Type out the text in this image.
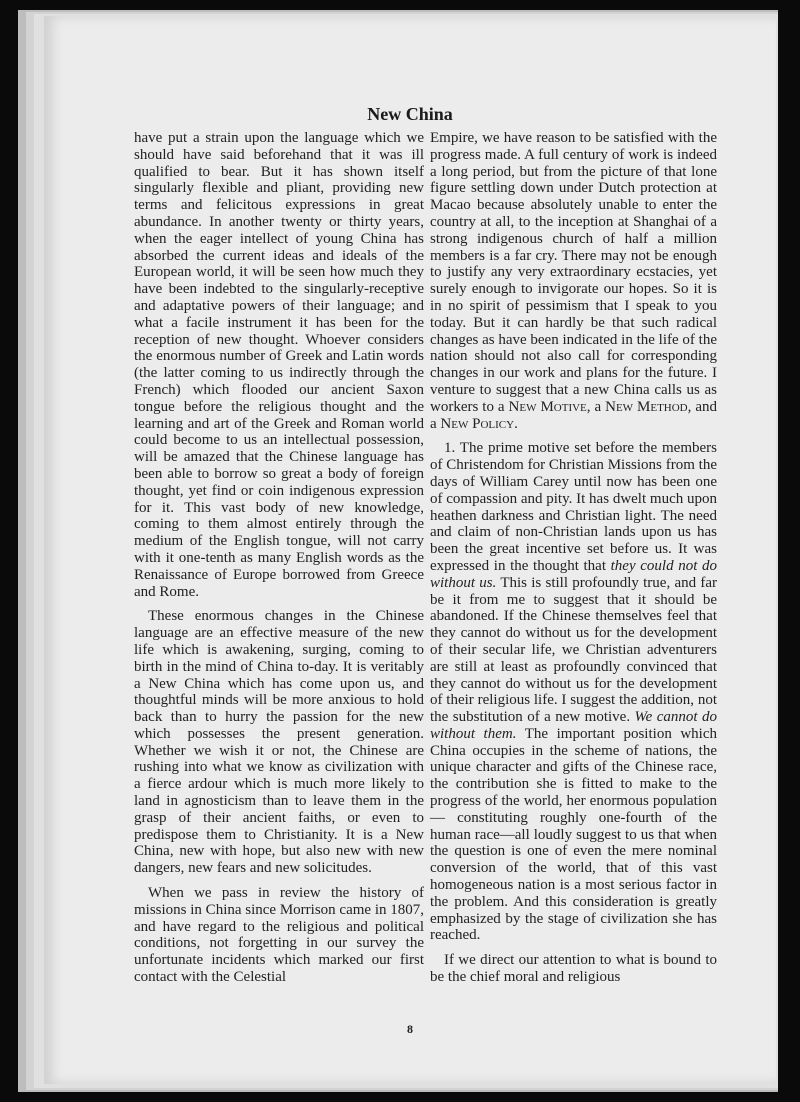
New China

have put a strain upon the language which we should have said beforehand that it was ill qualified to bear. But it has shown itself singularly flexible and pliant, providing new terms and felicitous expressions in great abundance. In another twenty or thirty years, when the eager intellect of young China has absorbed the current ideas and ideals of the European world, it will be seen how much they have been indebted to the singularly-receptive and adaptative powers of their language; and what a facile instrument it has been for the reception of new thought. Whoever considers the enormous number of Greek and Latin words (the latter coming to us indirectly through the French) which flooded our ancient Saxon tongue before the religious thought and the learning and art of the Greek and Roman world could become to us an intellectual possession, will be amazed that the Chinese language has been able to borrow so great a body of foreign thought, yet find or coin indigenous expression for it. This vast body of new knowledge, coming to them almost entirely through the medium of the English tongue, will not carry with it one-tenth as many English words as the Renaissance of Europe borrowed from Greece and Rome.

These enormous changes in the Chinese language are an effective measure of the new life which is awakening, surging, coming to birth in the mind of China to-day. It is veritably a New China which has come upon us, and thoughtful minds will be more anxious to hold back than to hurry the passion for the new which possesses the present generation. Whether we wish it or not, the Chinese are rushing into what we know as civilization with a fierce ardour which is much more likely to land in agnosticism than to leave them in the grasp of their ancient faiths, or even to predispose them to Christianity. It is a New China, new with hope, but also new with new dangers, new fears and new solicitudes.

When we pass in review the history of missions in China since Morrison came in 1807, and have regard to the religious and political conditions, not forgetting in our survey the unfortunate incidents which marked our first contact with the Celestial

Empire, we have reason to be satisfied with the progress made. A full century of work is indeed a long period, but from the picture of that lone figure settling down under Dutch protection at Macao because absolutely unable to enter the country at all, to the inception at Shanghai of a strong indigenous church of half a million members is a far cry. There may not be enough to justify any very extraordinary ecstacies, yet surely enough to invigorate our hopes. So it is in no spirit of pessimism that I speak to you today. But it can hardly be that such radical changes as have been indicated in the life of the nation should not also call for corresponding changes in our work and plans for the future. I venture to suggest that a new China calls us as workers to a New Motive, a New Method, and a New Policy.

1. The prime motive set before the members of Christendom for Christian Missions from the days of William Carey until now has been one of compassion and pity. It has dwelt much upon heathen darkness and Christian light. The need and claim of non-Christian lands upon us has been the great incentive set before us. It was expressed in the thought that they could not do without us. This is still profoundly true, and far be it from me to suggest that it should be abandoned. If the Chinese themselves feel that they cannot do without us for the development of their secular life, we Christian adventurers are still at least as profoundly convinced that they cannot do without us for the development of their religious life. I suggest the addition, not the substitution of a new motive. We cannot do without them. The important position which China occupies in the scheme of nations, the unique character and gifts of the Chinese race, the contribution she is fitted to make to the progress of the world, her enormous population — constituting roughly one-fourth of the human race—all loudly suggest to us that when the question is one of even the mere nominal conversion of the world, that of this vast homogeneous nation is a most serious factor in the problem. And this consideration is greatly emphasized by the stage of civilization she has reached.

If we direct our attention to what is bound to be the chief moral and religious

8
